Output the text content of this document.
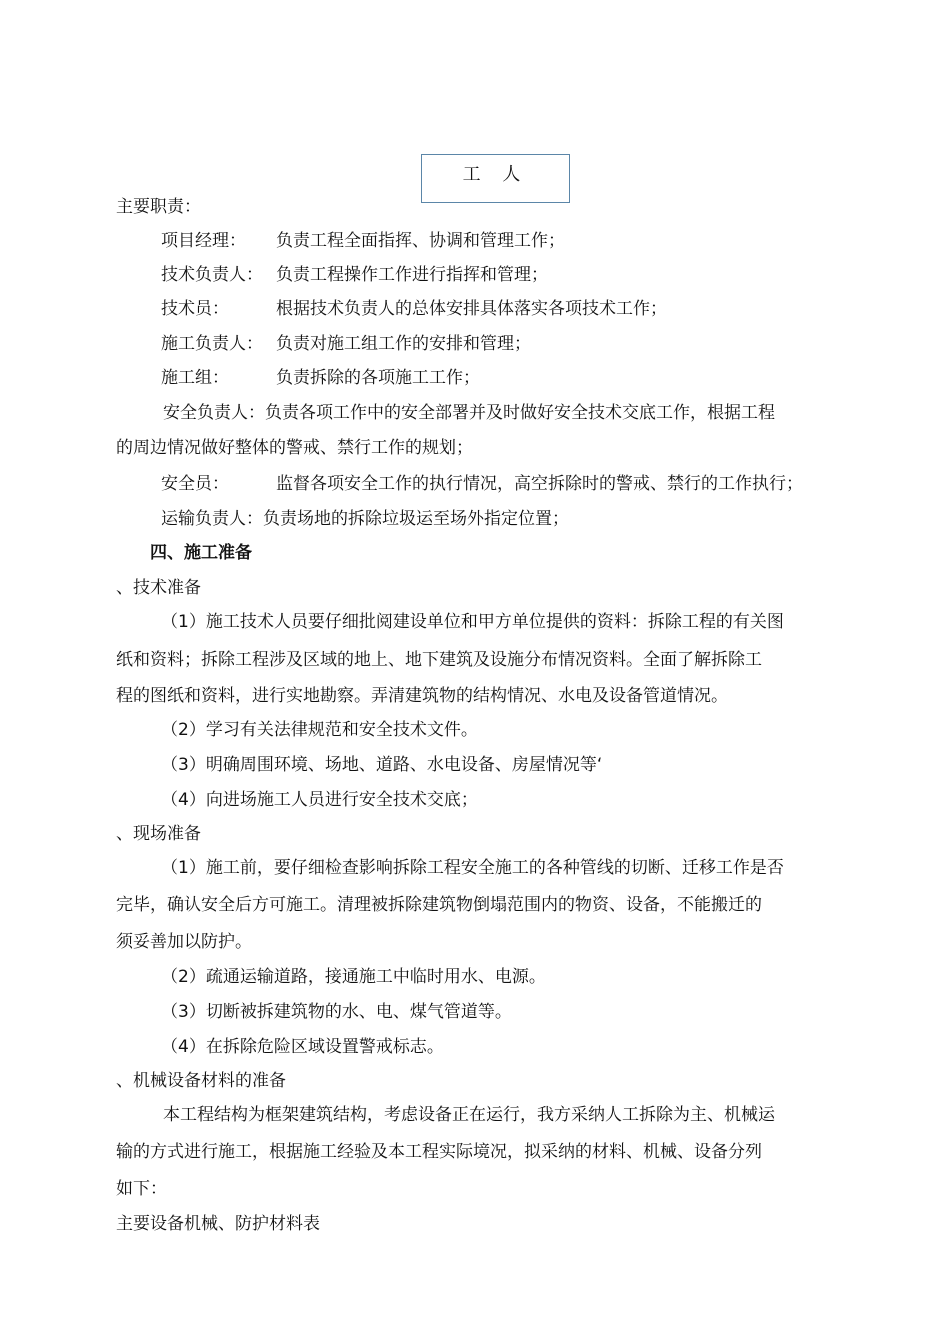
工 人
主要职责：
项目经理： 负责工程全面指挥、协调和管理工作；
技术负责人： 负责工程操作工作进行指挥和管理；
技术员：	根据技术负责人的总体安排具体落实各项技术工作；
施工负责人： 负责对施工组工作的安排和管理；
施工组：	负责拆除的各项施工工作；
安全负责人：负责各项工作中的安全部署并及时做好安全技术交底工作，根据工程
的周边情况做好整体的警戒、禁行工作的规划；
安全员：	监督各项安全工作的执行情况，高空拆除时的警戒、禁行的工作执行；
运输负责人：负责场地的拆除垃圾运至场外指定位置；
四、施工准备
、技术准备
（1）施工技术人员要仔细批阅建设单位和甲方单位提供的资料：拆除工程的有关图
纸和资料；拆除工程涉及区域的地上、地下建筑及设施分布情况资料。全面了解拆除工
程的图纸和资料，进行实地勘察。弄清建筑物的结构情况、水电及设备管道情况。
（2）学习有关法律规范和安全技术文件。
（3）明确周围环境、场地、道路、水电设备、房屋情况等‘
（4）向进场施工人员进行安全技术交底；
、现场准备
（1）施工前，要仔细检查影响拆除工程安全施工的各种管线的切断、迁移工作是否
完毕，确认安全后方可施工。清理被拆除建筑物倒塌范围内的物资、设备，不能搬迁的
须妥善加以防护。
（2）疏通运输道路，接通施工中临时用水、电源。
（3）切断被拆建筑物的水、电、煤气管道等。
（4）在拆除危险区域设置警戒标志。
、机械设备材料的准备
本工程结构为框架建筑结构，考虑设备正在运行，我方采纳人工拆除为主、机械运
输的方式进行施工，根据施工经验及本工程实际境况，拟采纳的材料、机械、设备分列
如下：
主要设备机械、防护材料表
